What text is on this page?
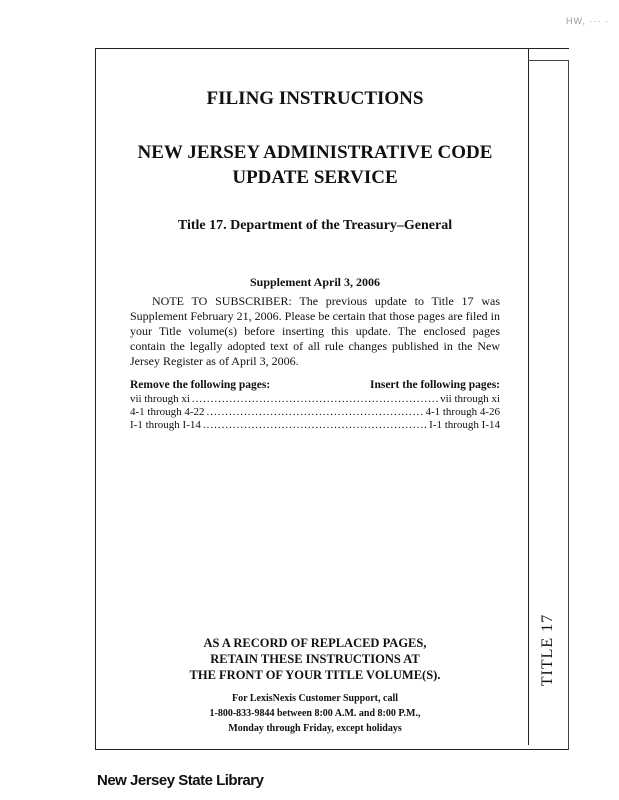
HW, ··· ·
TITLE 17
FILING INSTRUCTIONS
NEW JERSEY ADMINISTRATIVE CODE
UPDATE SERVICE
Title 17. Department of the Treasury–General
Supplement April 3, 2006
NOTE TO SUBSCRIBER: The previous update to Title 17 was Supplement February 21, 2006. Please be certain that those pages are filed in your Title volume(s) before inserting this update. The enclosed pages contain the legally adopted text of all rule changes published in the New Jersey Register as of April 3, 2006.
Remove the following pages:	Insert the following pages:
vii through xi .....	vii through xi
4-1 through 4-22 .....	4-1 through 4-26
I-1 through I-14 .....	I-1 through I-14
AS A RECORD OF REPLACED PAGES,
RETAIN THESE INSTRUCTIONS AT
THE FRONT OF YOUR TITLE VOLUME(S).
For LexisNexis Customer Support, call
1-800-833-9844 between 8:00 A.M. and 8:00 P.M.,
Monday through Friday, except holidays
New Jersey State Library
